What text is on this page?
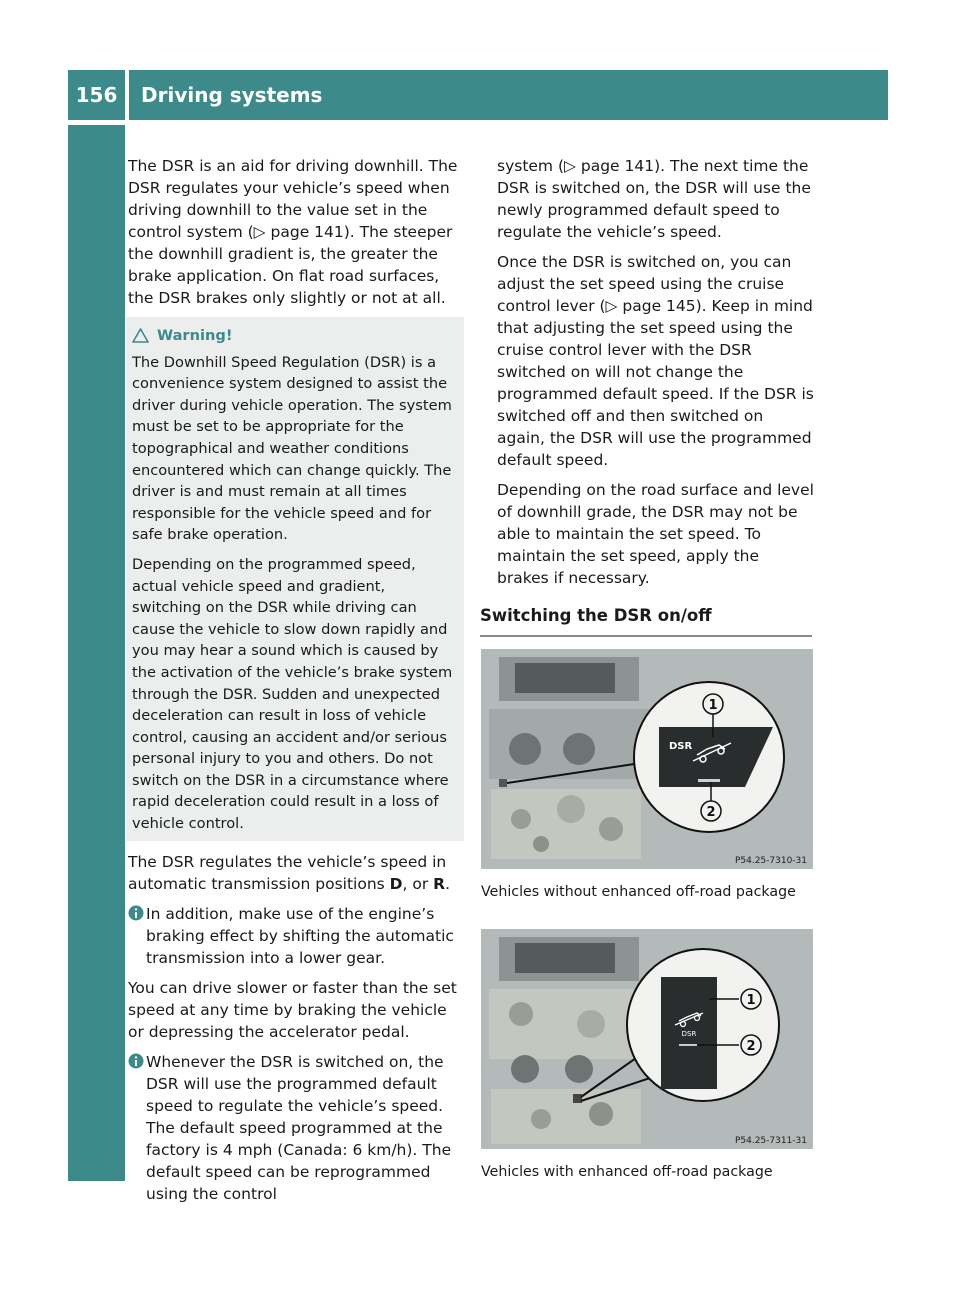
156 Driving systems
Controls in detail

The DSR is an aid for driving downhill. The DSR regulates your vehicle’s speed when driving downhill to the value set in the control system (▷ page 141). The steeper the downhill gradient is, the greater the brake application. On flat road surfaces, the DSR brakes only slightly or not at all.

Warning!

The Downhill Speed Regulation (DSR) is a convenience system designed to assist the driver during vehicle operation. The system must be set to be appropriate for the topographical and weather conditions encountered which can change quickly. The driver is and must remain at all times responsible for the vehicle speed and for safe brake operation.

Depending on the programmed speed, actual vehicle speed and gradient, switching on the DSR while driving can cause the vehicle to slow down rapidly and you may hear a sound which is caused by the activation of the vehicle’s brake system through the DSR. Sudden and unexpected deceleration can result in loss of vehicle control, causing an accident and/or serious personal injury to you and others. Do not switch on the DSR in a circumstance where rapid deceleration could result in a loss of vehicle control.

The DSR regulates the vehicle’s speed in automatic transmission positions D, or R.

In addition, make use of the engine’s braking effect by shifting the automatic transmission into a lower gear.

You can drive slower or faster than the set speed at any time by braking the vehicle or depressing the accelerator pedal.

Whenever the DSR is switched on, the DSR will use the programmed default speed to regulate the vehicle’s speed. The default speed programmed at the factory is 4 mph (Canada: 6 km/h). The default speed can be reprogrammed using the control

system (▷ page 141). The next time the DSR is switched on, the DSR will use the newly programmed default speed to regulate the vehicle’s speed.

Once the DSR is switched on, you can adjust the set speed using the cruise control lever (▷ page 145). Keep in mind that adjusting the set speed using the cruise control lever with the DSR switched on will not change the programmed default speed. If the DSR is switched off and then switched on again, the DSR will use the programmed default speed.

Depending on the road surface and level of downhill grade, the DSR may not be able to maintain the set speed. To maintain the set speed, apply the brakes if necessary.

Switching the DSR on/off
DSR
1
2
P54.25-7310-31
Vehicles without enhanced off-road package
DSR
1
2
P54.25-7311-31
Vehicles with enhanced off-road package
